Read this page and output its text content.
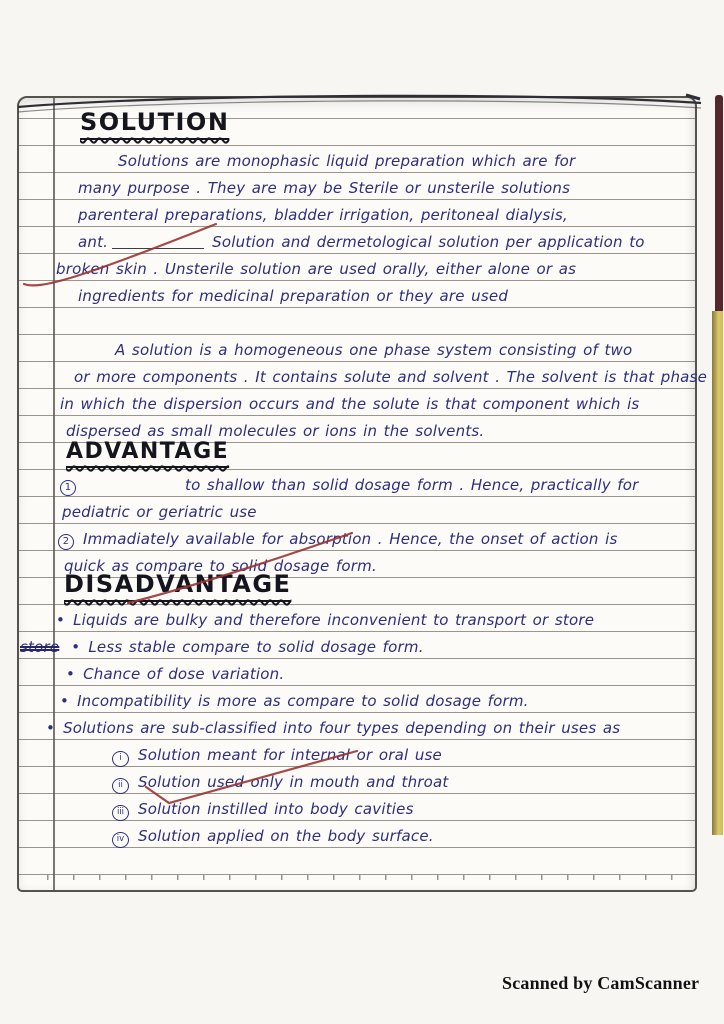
SOLUTION
Solutions are monophasic liquid preparation which are for
many purpose . They are may be Sterile or unsterile solutions
parenteral preparations, bladder irrigation, peritoneal dialysis,
ant.	Solution and dermetological solution per application to
broken skin . Unsterile solution are used orally, either alone or as
ingredients for medicinal preparation or they are used
A solution is a homogeneous one phase system consisting of two
or more components . It contains solute and solvent . The solvent is that phase
in which the dispersion occurs and the solute is that component which is
dispersed as small molecules or ions in the solvents.
ADVANTAGE
1	to shallow than solid dosage form . Hence, practically for
pediatric or geriatric use
2 Immadiately available for absorption . Hence, the onset of action is
quick as compare to solid dosage form.
DISADVANTAGE
• Liquids are bulky and therefore inconvenient to transport or store
store • Less stable compare to solid dosage form.
• Chance of dose variation.
• Incompatibility is more as compare to solid dosage form.
• Solutions are sub-classified into four types depending on their uses as
i Solution meant for internal or oral use
ii Solution used only in mouth and throat
iii Solution instilled into body cavities
iv Solution applied on the body surface.
Scanned by CamScanner
